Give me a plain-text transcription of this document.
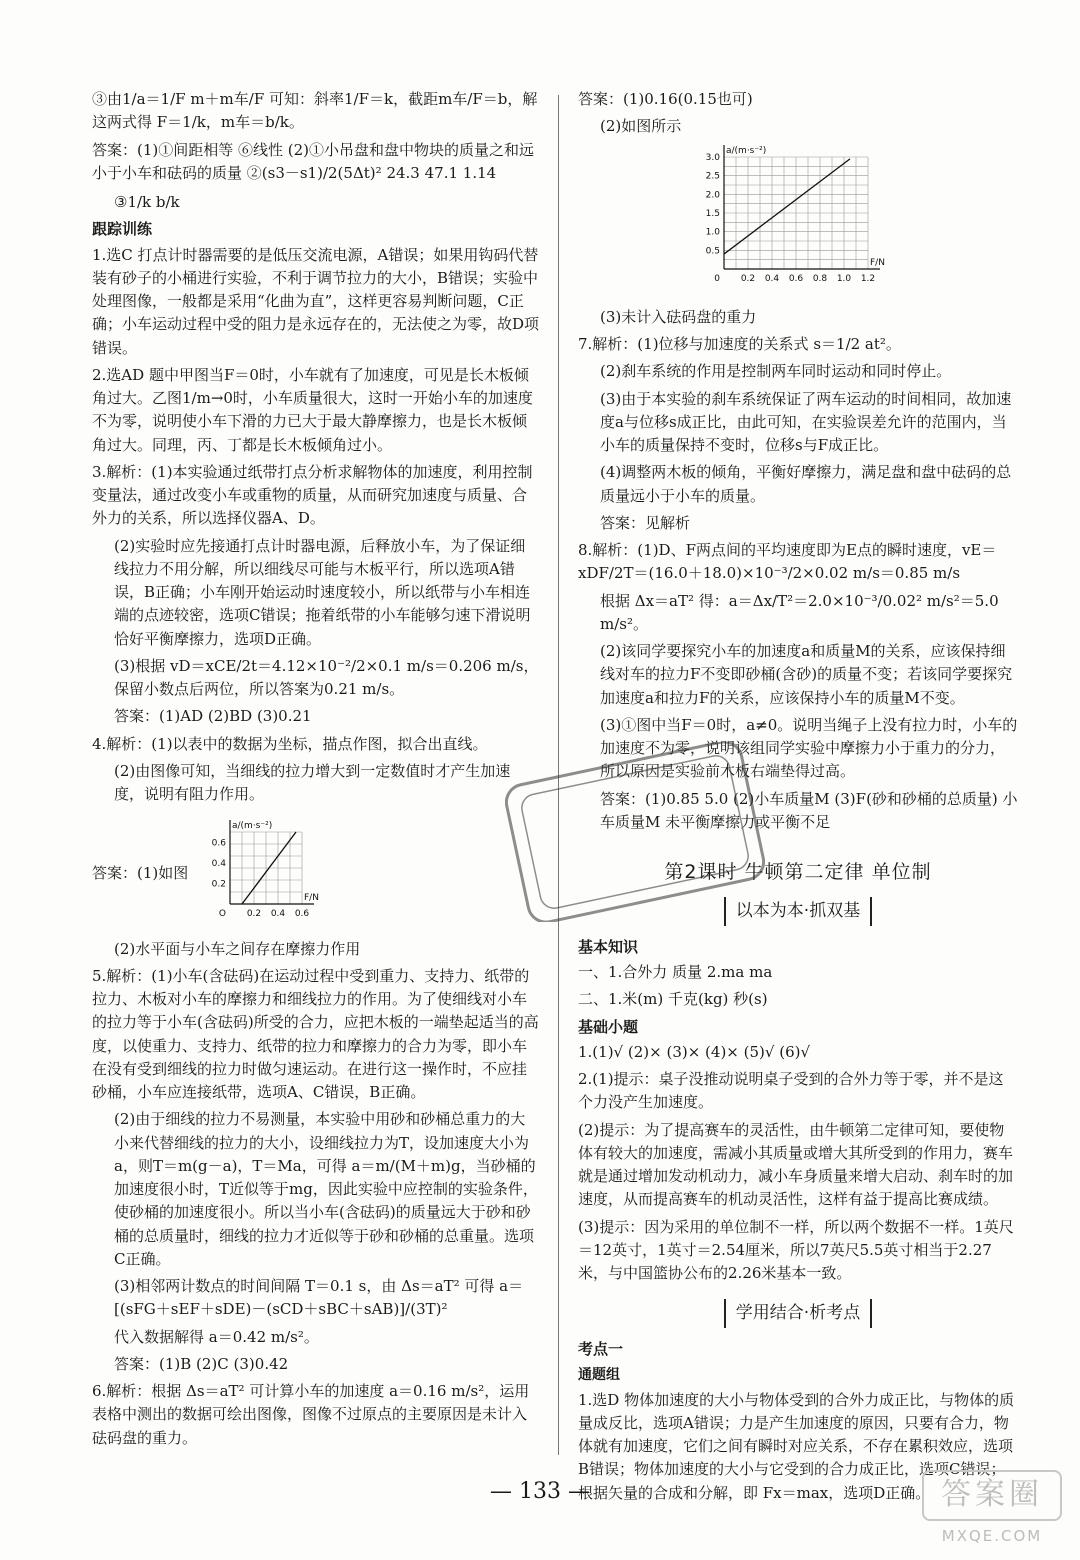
③由1/a＝1/F m＋m车/F 可知：斜率1/F＝k，截距m车/F＝b，解这两式得 F＝1/k，m车＝b/k。

答案：(1)①间距相等 ⑥线性 (2)①小吊盘和盘中物块的质量之和远小于小车和砝码的质量 ②(s3－s1)/2(5Δt)² 24.3 47.1 1.14

③1/k b/k

跟踪训练

1.选C 打点计时器需要的是低压交流电源，A错误；如果用钩码代替装有砂子的小桶进行实验，不利于调节拉力的大小，B错误；实验中处理图像，一般都是采用“化曲为直”，这样更容易判断问题，C正确；小车运动过程中受的阻力是永远存在的，无法使之为零，故D项错误。

2.选AD 题中甲图当F＝0时，小车就有了加速度，可见是长木板倾角过大。乙图1/m→0时，小车质量很大，这时一开始小车的加速度不为零，说明使小车下滑的力已大于最大静摩擦力，也是长木板倾角过大。同理，丙、丁都是长木板倾角过小。

3.解析：(1)本实验通过纸带打点分析求解物体的加速度，利用控制变量法，通过改变小车或重物的质量，从而研究加速度与质量、合外力的关系，所以选择仪器A、D。

(2)实验时应先接通打点计时器电源，后释放小车，为了保证细线拉力不用分解，所以细线尽可能与木板平行，所以选项A错误，B正确；小车刚开始运动时速度较小，所以纸带与小车相连端的点迹较密，选项C错误；拖着纸带的小车能够匀速下滑说明恰好平衡摩擦力，选项D正确。

(3)根据 vD＝xCE/2t＝4.12×10⁻²/2×0.1 m/s＝0.206 m/s，保留小数点后两位，所以答案为0.21 m/s。

答案：(1)AD (2)BD (3)0.21

4.解析：(1)以表中的数据为坐标，描点作图，拟合出直线。

(2)由图像可知，当细线的拉力增大到一定数值时才产生加速度，说明有阻力作用。

答案：(1)如图
0.2 0.4 0.6
0.2
0.4
0.6
O
F/N
a/(m·s⁻²)

(2)水平面与小车之间存在摩擦力作用

5.解析：(1)小车(含砝码)在运动过程中受到重力、支持力、纸带的拉力、木板对小车的摩擦力和细线拉力的作用。为了使细线对小车的拉力等于小车(含砝码)所受的合力，应把木板的一端垫起适当的高度，以使重力、支持力、纸带的拉力和摩擦力的合力为零，即小车在没有受到细线的拉力时做匀速运动。在进行这一操作时，不应挂砂桶，小车应连接纸带，选项A、C错误，B正确。

(2)由于细线的拉力不易测量，本实验中用砂和砂桶总重力的大小来代替细线的拉力的大小，设细线拉力为T，设加速度大小为a，则T＝m(g－a)，T＝Ma，可得 a＝m/(M＋m)g，当砂桶的加速度很小时，T近似等于mg，因此实验中应控制的实验条件，使砂桶的加速度很小。所以当小车(含砝码)的质量远大于砂和砂桶的总质量时，细线的拉力才近似等于砂和砂桶的总重量。选项C正确。

(3)相邻两计数点的时间间隔 T＝0.1 s，由 Δs＝aT² 可得 a＝[(sFG＋sEF＋sDE)－(sCD＋sBC＋sAB)]/(3T)²

代入数据解得 a＝0.42 m/s²。

答案：(1)B (2)C (3)0.42

6.解析：根据 Δs＝aT² 可计算小车的加速度 a＝0.16 m/s²，运用表格中测出的数据可绘出图像，图像不过原点的主要原因是未计入砝码盘的重力。

答案：(1)0.16(0.15也可)

(2)如图所示

0.2 0.4 0.6 0.8 1.0 1.2
0.5
1.0
1.5
2.0
2.5
3.0
0
F/N
a/(m·s⁻²)

(3)未计入砝码盘的重力

7.解析：(1)位移与加速度的关系式 s＝1/2 at²。

(2)刹车系统的作用是控制两车同时运动和同时停止。

(3)由于本实验的刹车系统保证了两车运动的时间相同，故加速度a与位移s成正比，由此可知，在实验误差允许的范围内，当小车的质量保持不变时，位移s与F成正比。

(4)调整两木板的倾角，平衡好摩擦力，满足盘和盘中砝码的总质量远小于小车的质量。

答案：见解析

8.解析：(1)D、F两点间的平均速度即为E点的瞬时速度，vE＝xDF/2T＝(16.0＋18.0)×10⁻³/2×0.02 m/s＝0.85 m/s

根据 Δx＝aT² 得：a＝Δx/T²＝2.0×10⁻³/0.02² m/s²＝5.0 m/s²。

(2)该同学要探究小车的加速度a和质量M的关系，应该保持细线对车的拉力F不变即砂桶(含砂)的质量不变；若该同学要探究加速度a和拉力F的关系，应该保持小车的质量M不变。

(3)①图中当F＝0时，a≠0。说明当绳子上没有拉力时，小车的加速度不为零，说明该组同学实验中摩擦力小于重力的分力，所以原因是实验前木板右端垫得过高。

答案：(1)0.85 5.0 (2)小车质量M (3)F(砂和砂桶的总质量) 小车质量M 未平衡摩擦力或平衡不足

第2课时 牛顿第二定律 单位制
以本为本·抓双基
基本知识

一、1.合外力 质量 2.ma ma

二、1.米(m) 千克(kg) 秒(s)

基础小题

1.(1)√ (2)× (3)× (4)× (5)√ (6)√

2.(1)提示：桌子没推动说明桌子受到的合外力等于零，并不是这个力没产生加速度。

(2)提示：为了提高赛车的灵活性，由牛顿第二定律可知，要使物体有较大的加速度，需减小其质量或增大其所受到的作用力，赛车就是通过增加发动机动力，减小车身质量来增大启动、刹车时的加速度，从而提高赛车的机动灵活性，这样有益于提高比赛成绩。

(3)提示：因为采用的单位制不一样，所以两个数据不一样。1英尺＝12英寸，1英寸＝2.54厘米，所以7英尺5.5英寸相当于2.27米，与中国篮协公布的2.26米基本一致。

学用结合·析考点
考点一
通题组

1.选D 物体加速度的大小与物体受到的合外力成正比，与物体的质量成反比，选项A错误；力是产生加速度的原因，只要有合力，物体就有加速度，它们之间有瞬时对应关系，不存在累积效应，选项B错误；物体加速度的大小与它受到的合力成正比，选项C错误；根据矢量的合成和分解，即 Fx＝max，选项D正确。

— 133 —	答案圈
MXQE.COM
